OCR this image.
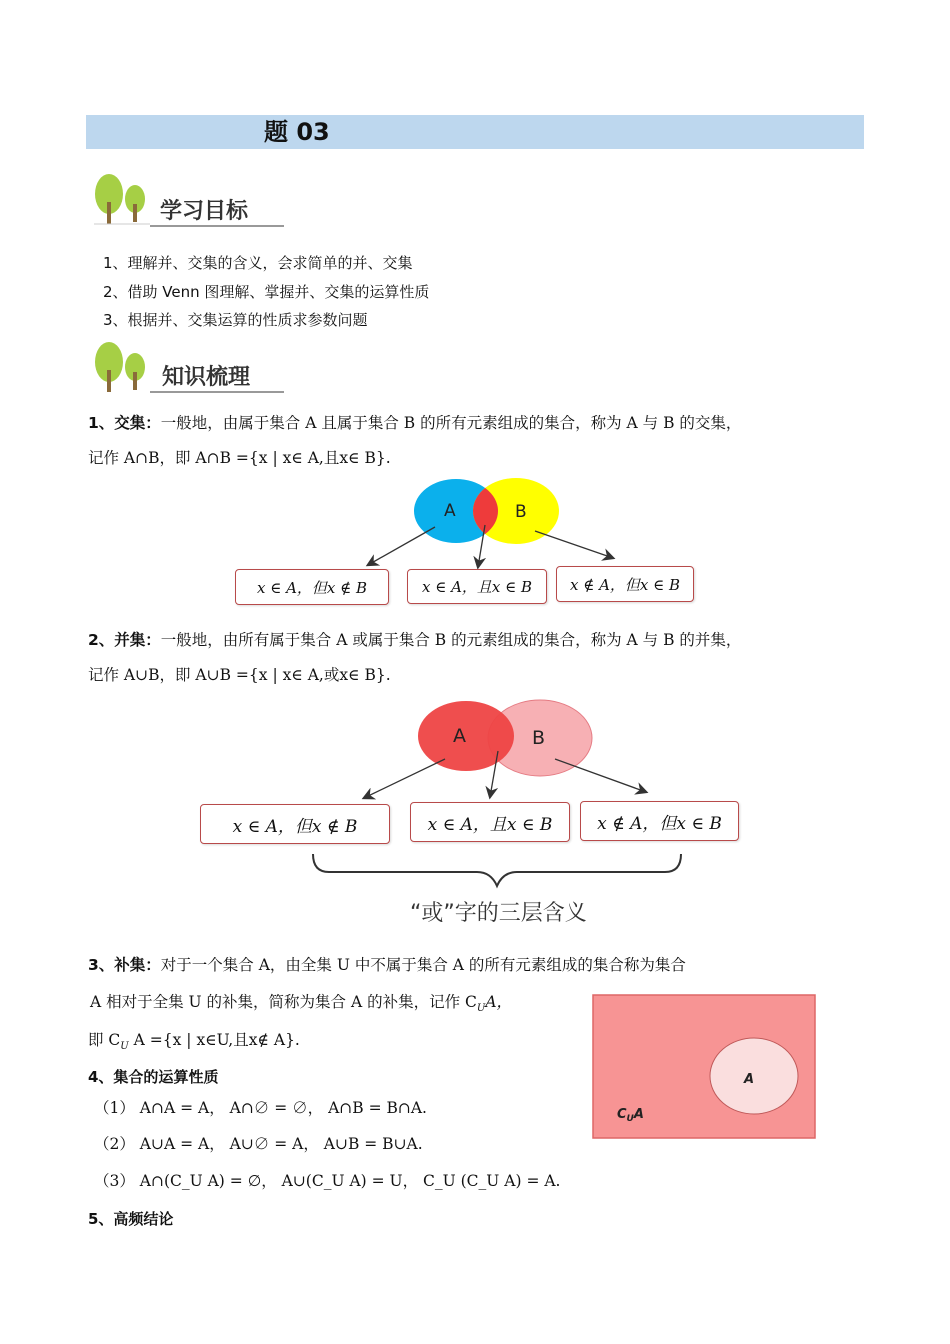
题 03
学习目标
1、理解并、交集的含义，会求简单的并、交集
2、借助 Venn 图理解、掌握并、交集的运算性质
3、根据并、交集运算的性质求参数问题
知识梳理
1、交集：一般地，由属于集合 A 且属于集合 B 的所有元素组成的集合，称为 A 与 B 的交集，
记作 A∩B，即 A∩B ={x | x∈ A,且x∈ B}.
A	B
x ∈ A，但x ∉ B	x ∈ A，且x ∈ B	x ∉ A，但x ∈ B
2、并集：一般地，由所有属于集合 A 或属于集合 B 的元素组成的集合，称为 A 与 B 的并集，
记作 A∪B，即 A∪B ={x | x∈ A,或x∈ B}.
A	B
x ∈ A，但x ∉ B	x ∈ A，且x ∈ B	x ∉ A，但x ∈ B
“或”字的三层含义
3、补集：对于一个集合 A，由全集 U 中不属于集合 A 的所有元素组成的集合称为集合
A 相对于全集 U 的补集，简称为集合 A 的补集，记作 $C_UA$，
即 $C_U$ A ={x | x∈U,且x∉ A}.
A
$C_UA$
4、集合的运算性质
（1） A∩A = A， A∩∅ = ∅， A∩B = B∩A.
（2） A∪A = A， A∪∅ = A， A∪B = B∪A.
（3） A∩(C_U A) = ∅， A∪(C_U A) = U， C_U (C_U A) = A.
5、高频结论
